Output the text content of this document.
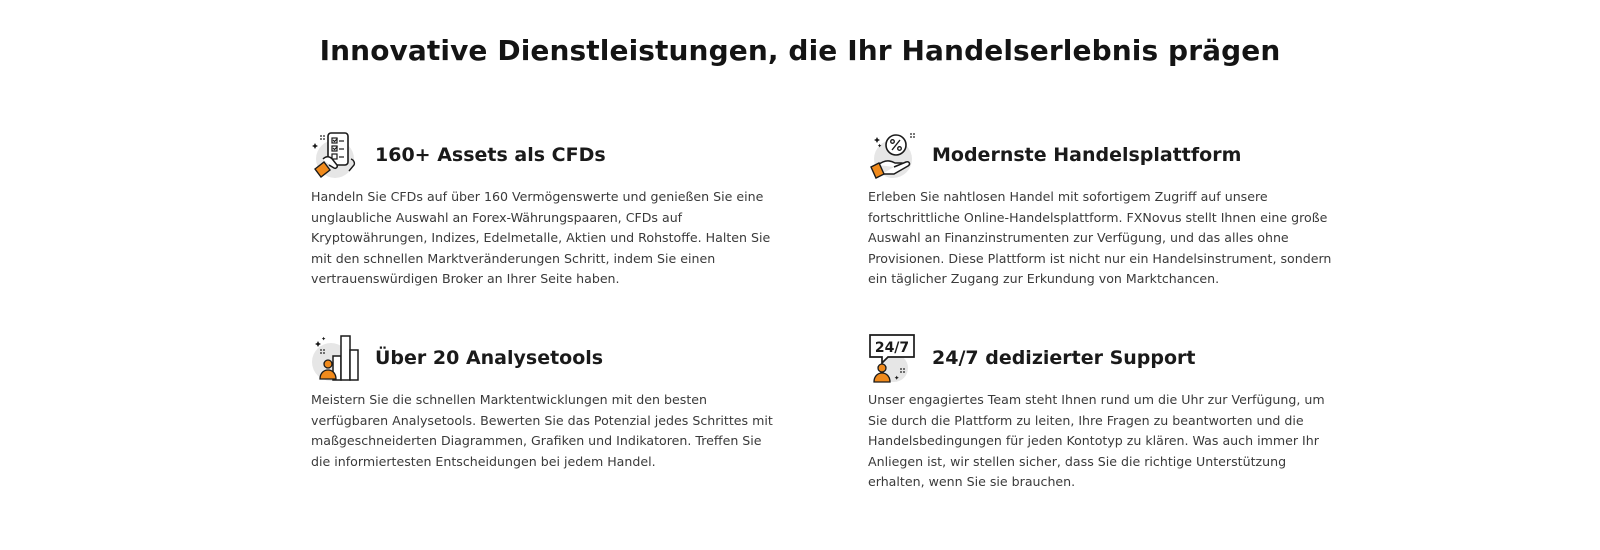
Innovative Dienstleistungen, die Ihr Handelserlebnis prägen
160+ Assets als CFDs

Handeln Sie CFDs auf über 160 Vermögenswerte und genießen Sie eine unglaubliche Auswahl an Forex-Währungspaaren, CFDs auf Kryptowährungen, Indizes, Edelmetalle, Aktien und Rohstoffe. Halten Sie mit den schnellen Marktveränderungen Schritt, indem Sie einen vertrauenswürdigen Broker an Ihrer Seite haben.

Modernste Handelsplattform

Erleben Sie nahtlosen Handel mit sofortigem Zugriff auf unsere fortschrittliche Online-Handelsplattform. FXNovus stellt Ihnen eine große Auswahl an Finanzinstrumenten zur Verfügung, und das alles ohne Provisionen. Diese Plattform ist nicht nur ein Handelsinstrument, sondern ein täglicher Zugang zur Erkundung von Marktchancen.

Über 20 Analysetools

Meistern Sie die schnellen Marktentwicklungen mit den besten verfügbaren Analysetools. Bewerten Sie das Potenzial jedes Schrittes mit maßgeschneiderten Diagrammen, Grafiken und Indikatoren. Treffen Sie die informiertesten Entscheidungen bei jedem Handel.

24/7 24/7 dedizierter Support

Unser engagiertes Team steht Ihnen rund um die Uhr zur Verfügung, um Sie durch die Plattform zu leiten, Ihre Fragen zu beantworten und die Handelsbedingungen für jeden Kontotyp zu klären. Was auch immer Ihr Anliegen ist, wir stellen sicher, dass Sie die richtige Unterstützung erhalten, wenn Sie sie brauchen.
